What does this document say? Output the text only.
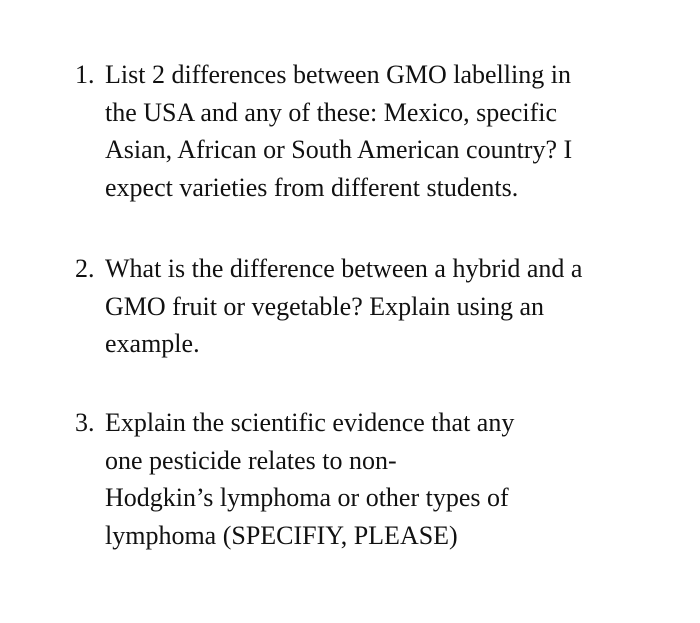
1. List 2 differences between GMO labelling in
the USA and any of these: Mexico, specific
Asian, African or South American country? I
expect varieties from different students.
2. What is the difference between a hybrid and a
GMO fruit or vegetable? Explain using an
example.
3. Explain the scientific evidence that any
one pesticide relates to non-
Hodgkin’s lymphoma or other types of
lymphoma (SPECIFIY, PLEASE)
